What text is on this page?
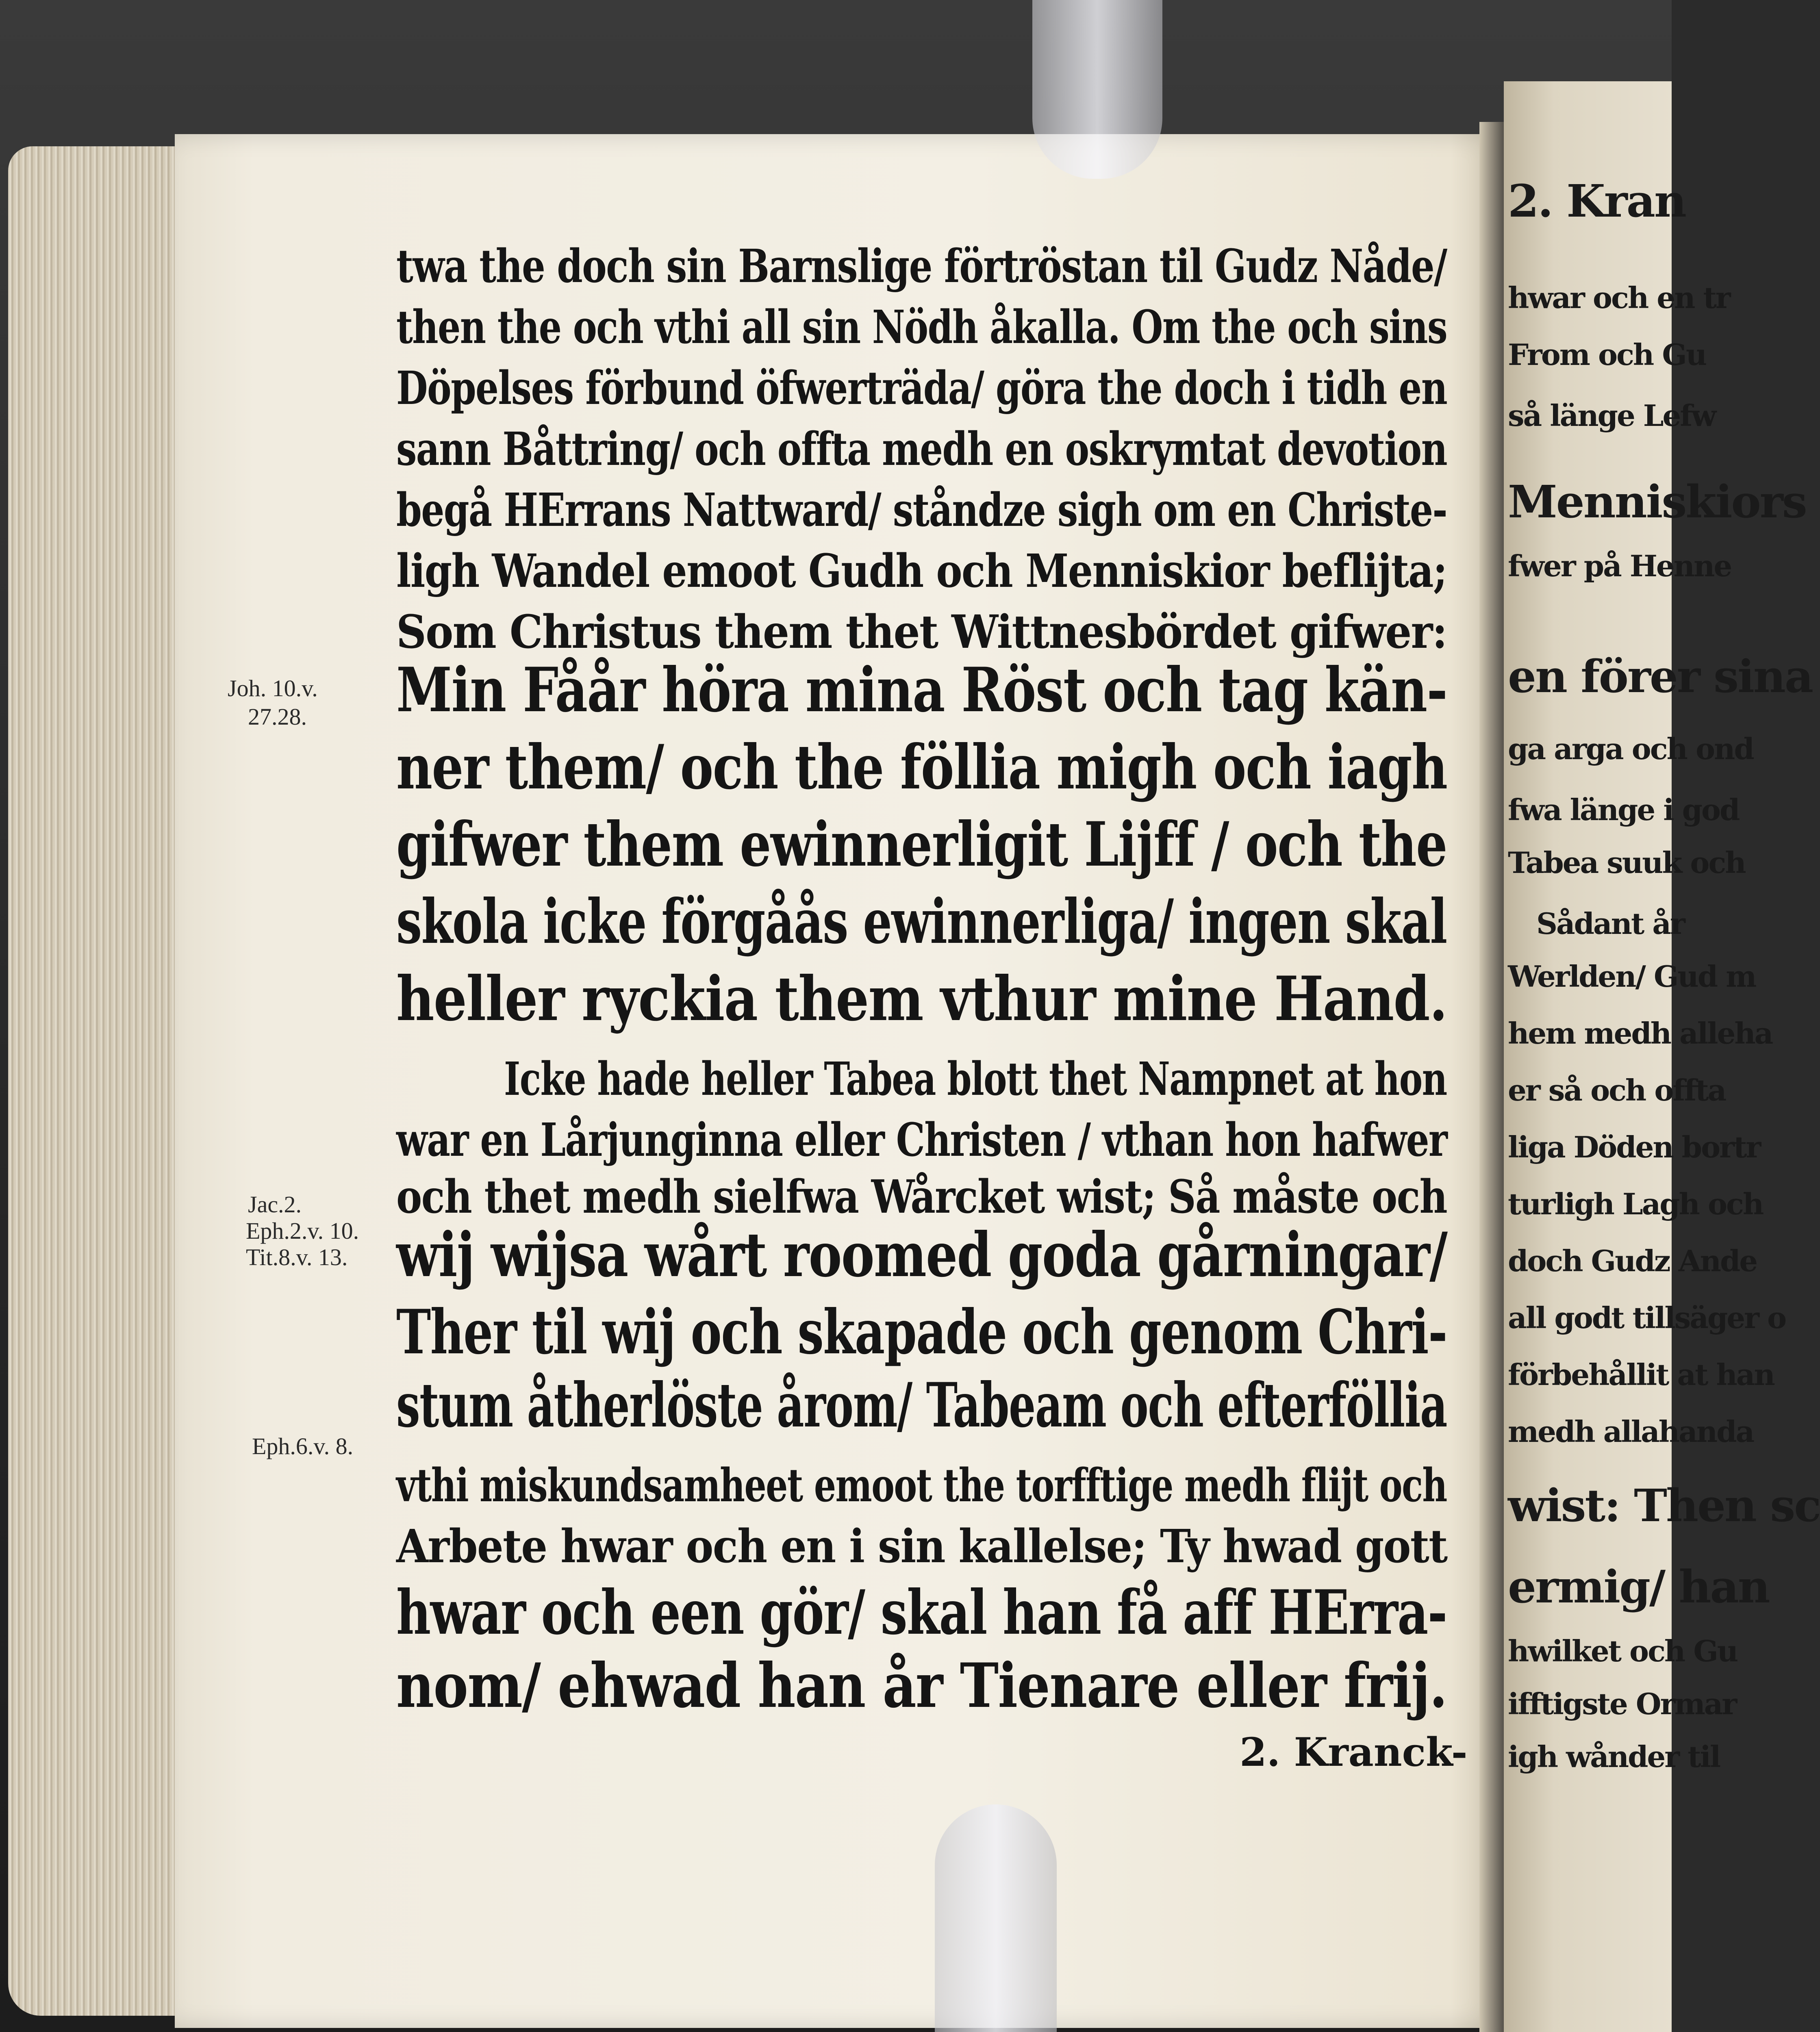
Joh. 10.v.
27.28.
Jac.2.
Eph.2.v. 10.
Tit.8.v. 13.
Eph.6.v. 8.
twa the doch sin Barnslige förtröstan til Gudz Nåde/
then the och vthi all sin Nödh åkalla. Om the och sins
Döpelses förbund öfwerträda/ göra the doch i tidh en
sann Båttring/ och offta medh en oskrymtat devotion
begå HErrans Nattward/ ståndze sigh om en Christe-
ligh Wandel emoot Gudh och Menniskior beflijta;
Som Christus them thet Wittnesbördet gifwer:
Min Fåår höra mina Röst och tag kän-
ner them/ och the föllia migh och iagh
gifwer them ewinnerligit Lijff / och the
skola icke förgåås ewinnerliga/ ingen skal
heller ryckia them vthur mine Hand.
Icke hade heller Tabea blott thet Nampnet at hon
war en Lårjunginna eller Christen / vthan hon hafwer
och thet medh sielfwa Wårcket wist; Så måste och
wij wijsa wårt roomed goda gårningar/
Ther til wij och skapade och genom Chri-
stum åtherlöste årom/ Tabeam och efterföllia
vthi miskundsamheet emoot the torfftige medh flijt och
Arbete hwar och en i sin kallelse; Ty hwad gott
hwar och een gör/ skal han få aff HErra-
nom/ ehwad han år Tienare eller frij.
2. Kranck-
2. Kran
hwar och en tr
From och Gu
så länge Lefw
Menniskiors
fwer på Henne
en förer sina
ga arga och ond
fwa länge i god
Tabea suuk och
Sådant år
Werlden/ Gud m
hem medh alleha
er så och offta
liga Döden bortr
turligh Lagh och
doch Gudz Ande
all godt tillsäger o
förbehållit at han
medh allahanda
wist: Then sc
ermig/ han
hwilket och Gu
ifftigste Ormar
igh wånder til
